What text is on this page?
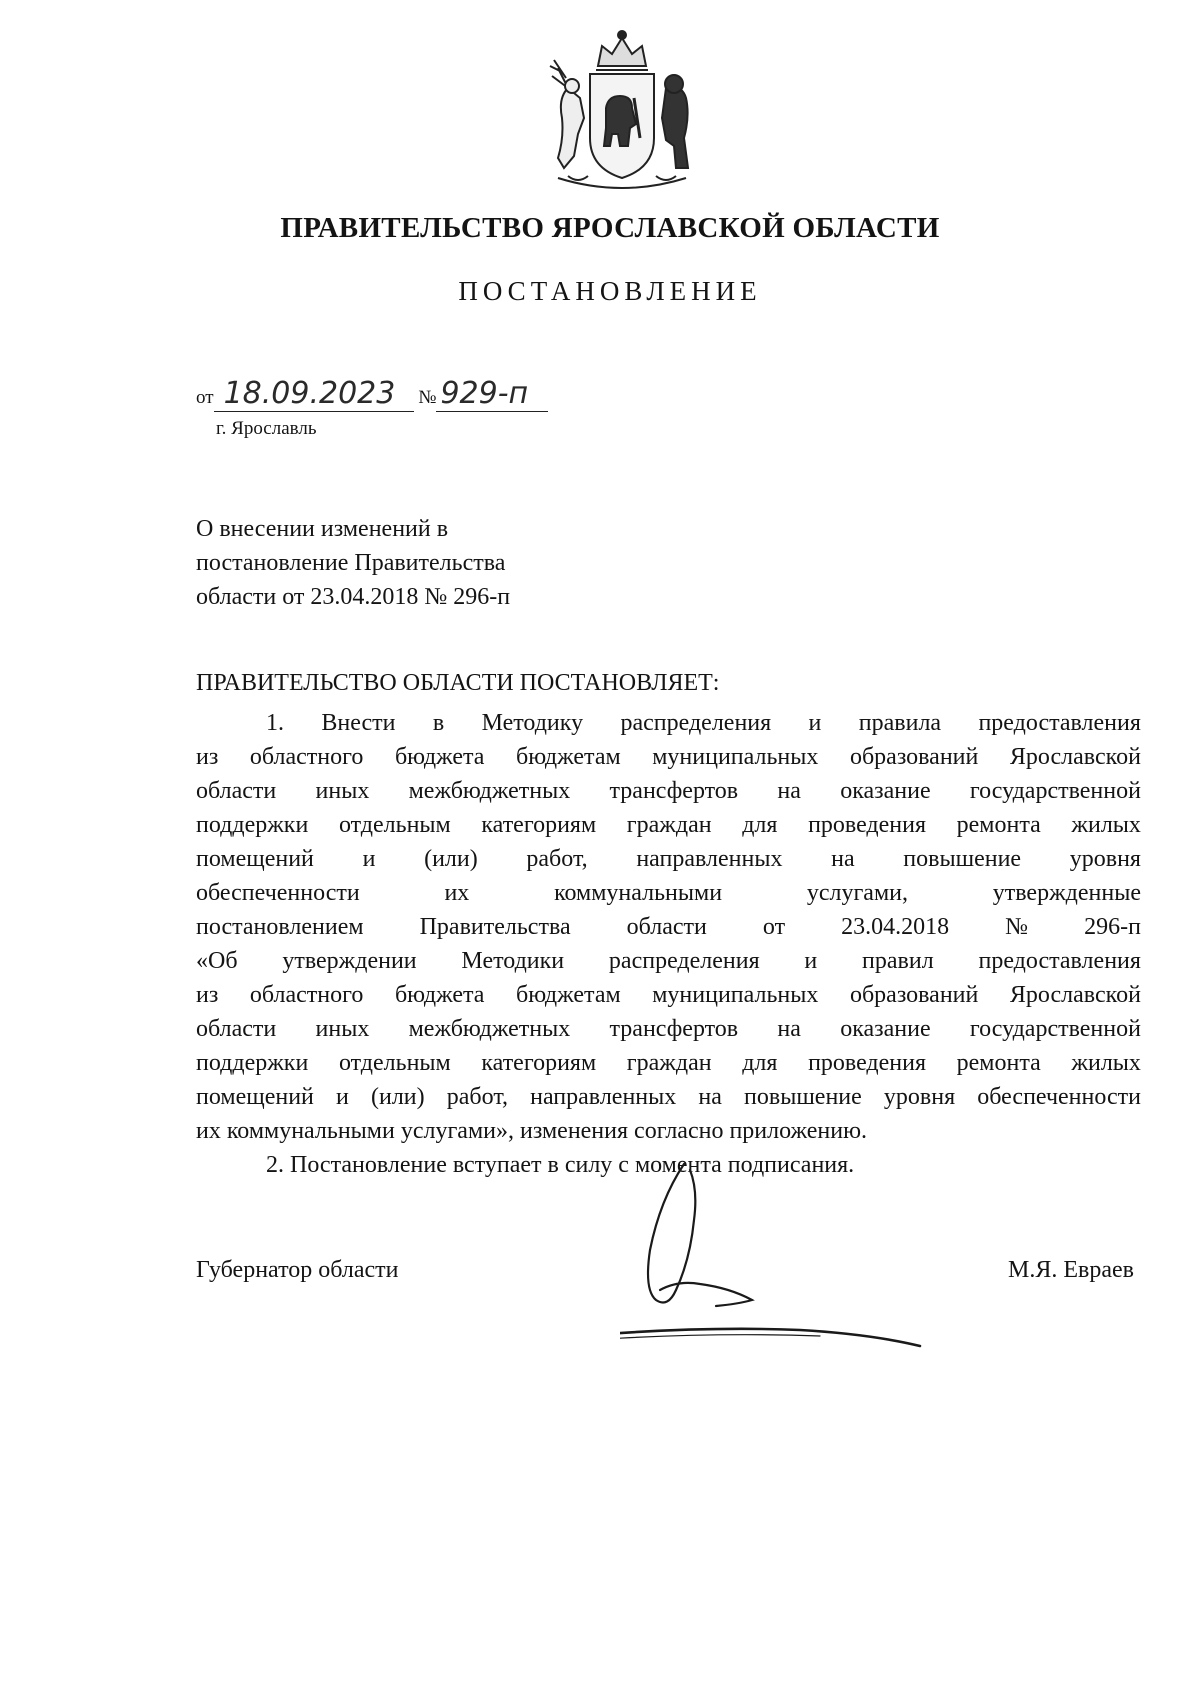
ПРАВИТЕЛЬСТВО ЯРОСЛАВСКОЙ ОБЛАСТИ
ПОСТАНОВЛЕНИЕ
от 18.09.2023 № 929-п
г. Ярославль
О внесении изменений в
постановление Правительства
области от 23.04.2018 № 296-п
ПРАВИТЕЛЬСТВО ОБЛАСТИ ПОСТАНОВЛЯЕТ:
1. Внести в Методику распределения и правила предоставления
из областного бюджета бюджетам муниципальных образований Ярославской
области иных межбюджетных трансфертов на оказание государственной
поддержки отдельным категориям граждан для проведения ремонта жилых
помещений и (или) работ, направленных на повышение уровня
обеспеченности	их	коммунальными	услугами,	утвержденные
постановлением Правительства области от 23.04.2018 № 296-п
«Об утверждении Методики распределения и правил предоставления
из областного бюджета бюджетам муниципальных образований Ярославской
области иных межбюджетных трансфертов на оказание государственной
поддержки отдельным категориям граждан для проведения ремонта жилых
помещений и (или) работ, направленных на повышение уровня обеспеченности
их коммунальными услугами», изменения согласно приложению.
2. Постановление вступает в силу с момента подписания.
Губернатор области	М.Я. Евраев
